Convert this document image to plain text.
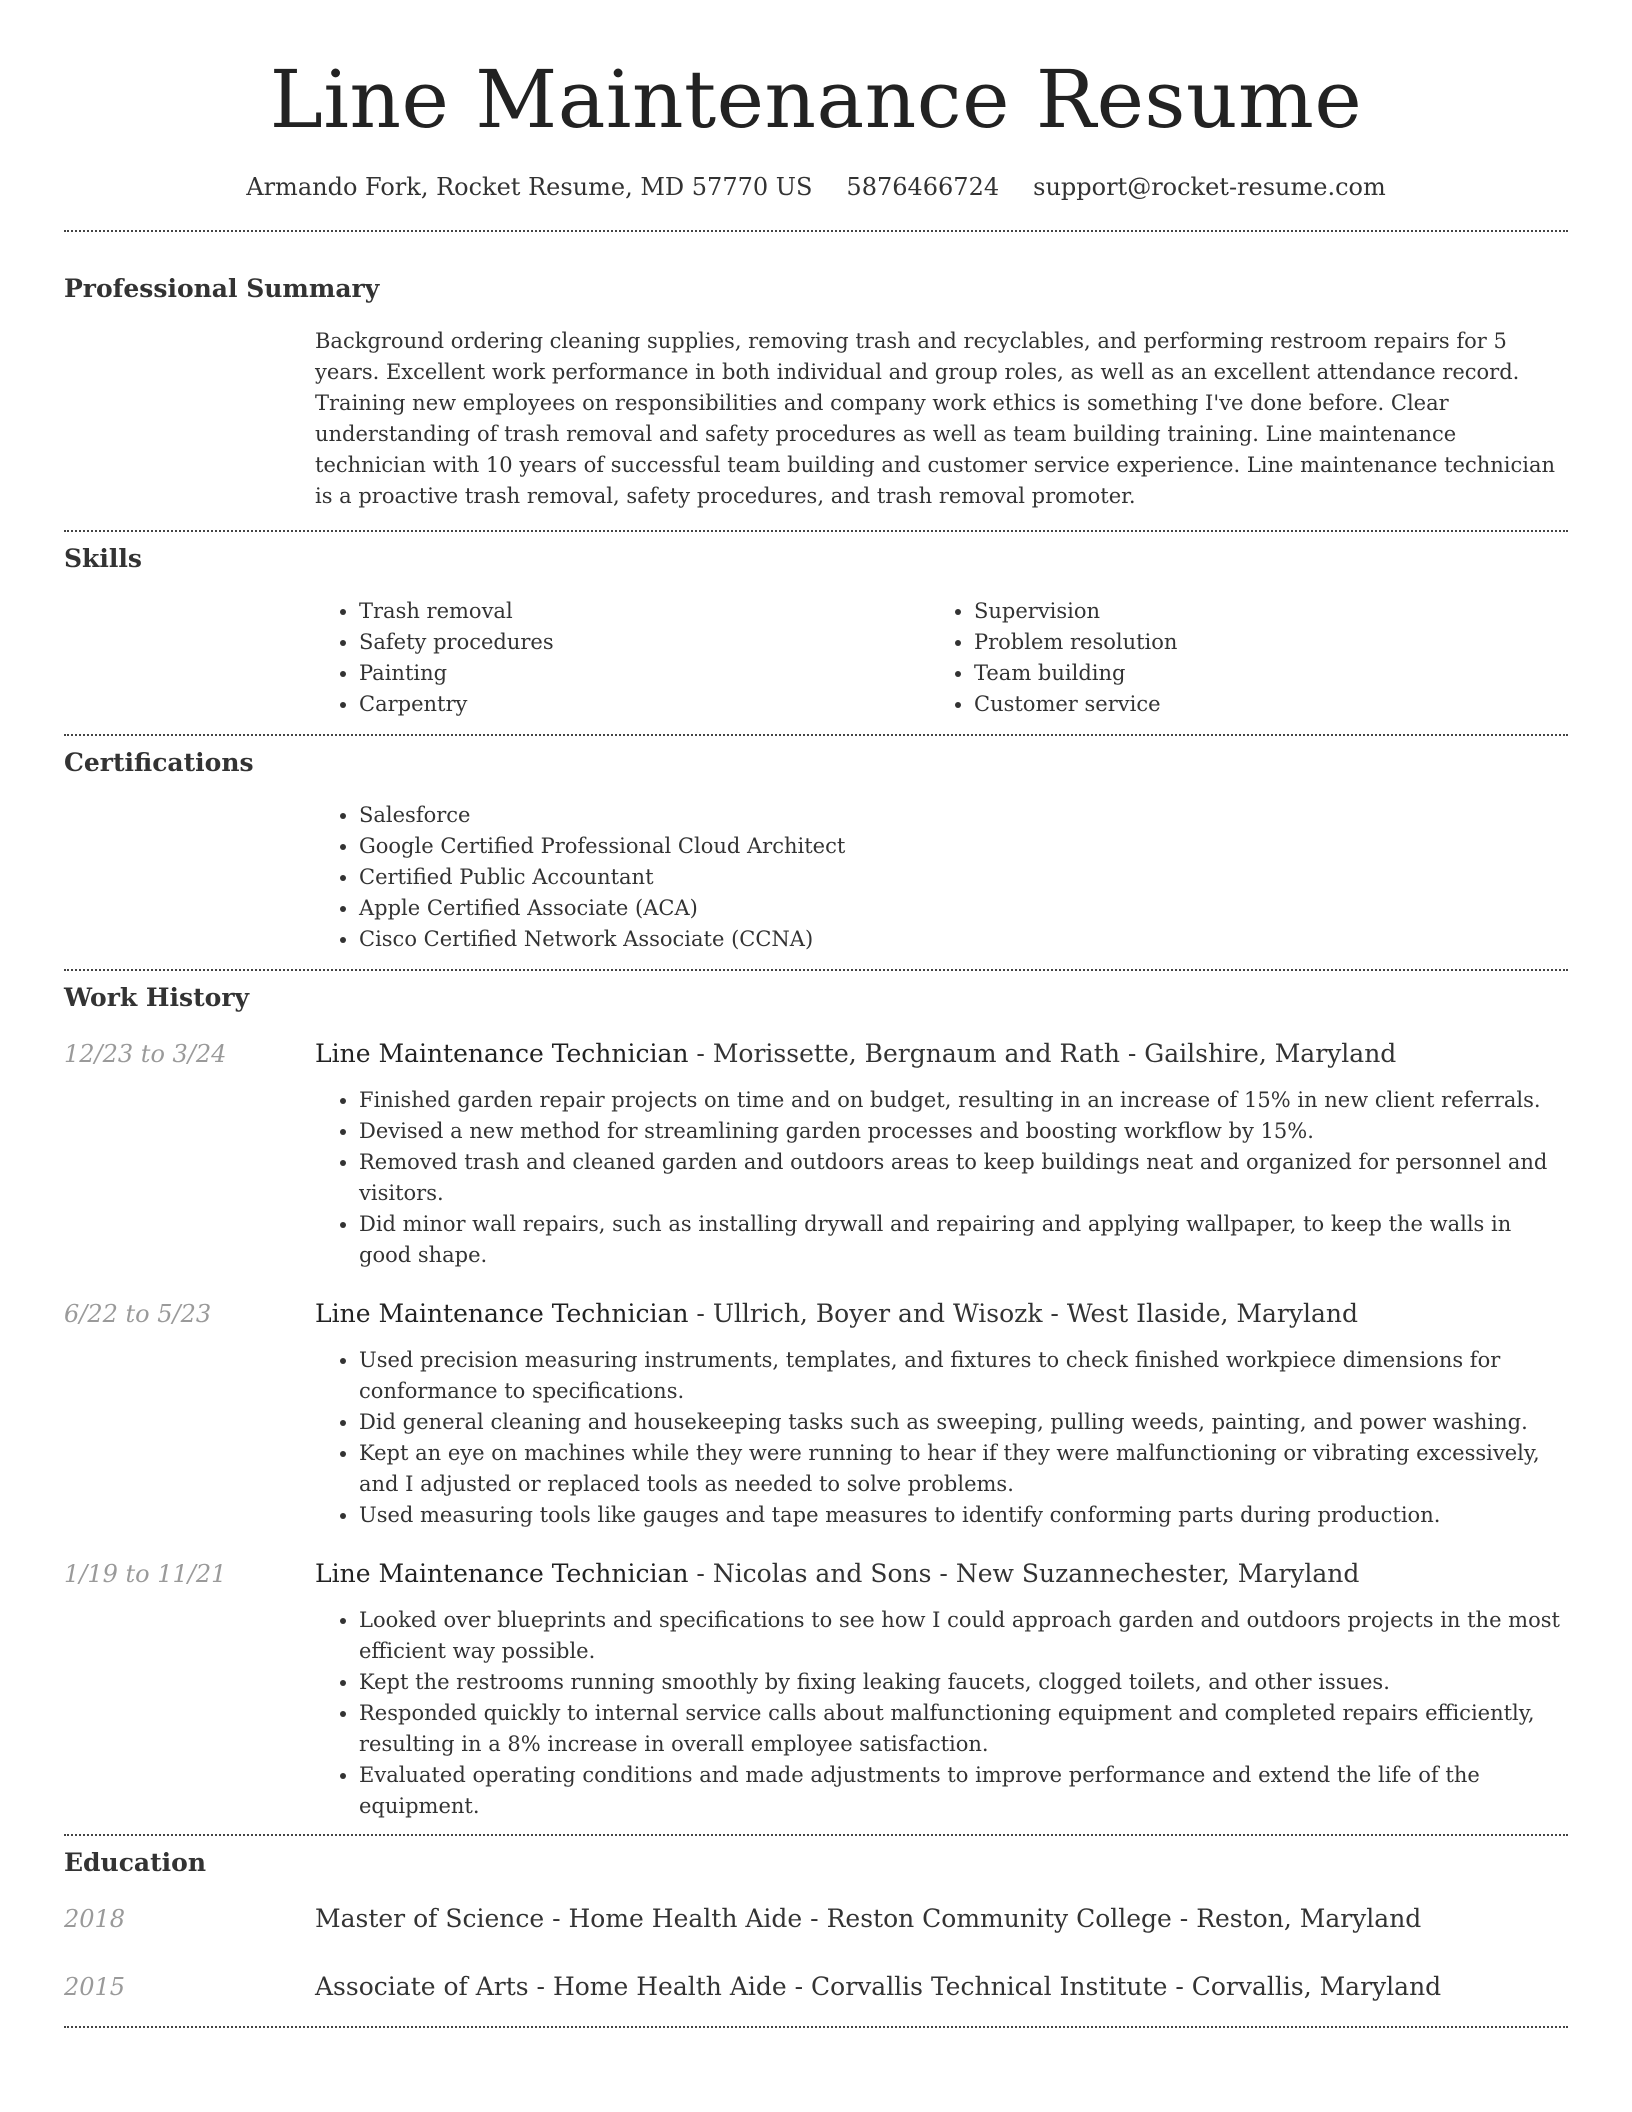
Line Maintenance Resume
Armando Fork, Rocket Resume, MD 57770 US 5876466724 support@rocket-resume.com
Professional Summary
Background ordering cleaning supplies, removing trash and recyclables, and performing restroom repairs for 5 years. Excellent work performance in both individual and group roles, as well as an excellent attendance record. Training new employees on responsibilities and company work ethics is something I've done before. Clear understanding of trash removal and safety procedures as well as team building training. Line maintenance technician with 10 years of successful team building and customer service experience. Line maintenance technician is a proactive trash removal, safety procedures, and trash removal promoter.
Skills
• Trash removal
• Safety procedures
• Painting
• Carpentry
• Supervision
• Problem resolution
• Team building
• Customer service
Certifications
• Salesforce
• Google Certified Professional Cloud Architect
• Certified Public Accountant
• Apple Certified Associate (ACA)
• Cisco Certified Network Associate (CCNA)
Work History
12/23 to 3/24	Line Maintenance Technician - Morissette, Bergnaum and Rath - Gailshire, Maryland
• Finished garden repair projects on time and on budget, resulting in an increase of 15% in new client referrals.
• Devised a new method for streamlining garden processes and boosting workflow by 15%.
• Removed trash and cleaned garden and outdoors areas to keep buildings neat and organized for personnel and visitors.
• Did minor wall repairs, such as installing drywall and repairing and applying wallpaper, to keep the walls in good shape.
6/22 to 5/23	Line Maintenance Technician - Ullrich, Boyer and Wisozk - West Ilaside, Maryland
• Used precision measuring instruments, templates, and fixtures to check finished workpiece dimensions for conformance to specifications.
• Did general cleaning and housekeeping tasks such as sweeping, pulling weeds, painting, and power washing.
• Kept an eye on machines while they were running to hear if they were malfunctioning or vibrating excessively, and I adjusted or replaced tools as needed to solve problems.
• Used measuring tools like gauges and tape measures to identify conforming parts during production.
1/19 to 11/21	Line Maintenance Technician - Nicolas and Sons - New Suzannechester, Maryland
• Looked over blueprints and specifications to see how I could approach garden and outdoors projects in the most efficient way possible.
• Kept the restrooms running smoothly by fixing leaking faucets, clogged toilets, and other issues.
• Responded quickly to internal service calls about malfunctioning equipment and completed repairs efficiently, resulting in a 8% increase in overall employee satisfaction.
• Evaluated operating conditions and made adjustments to improve performance and extend the life of the equipment.
Education
2018	Master of Science - Home Health Aide - Reston Community College - Reston, Maryland
2015	Associate of Arts - Home Health Aide - Corvallis Technical Institute - Corvallis, Maryland
